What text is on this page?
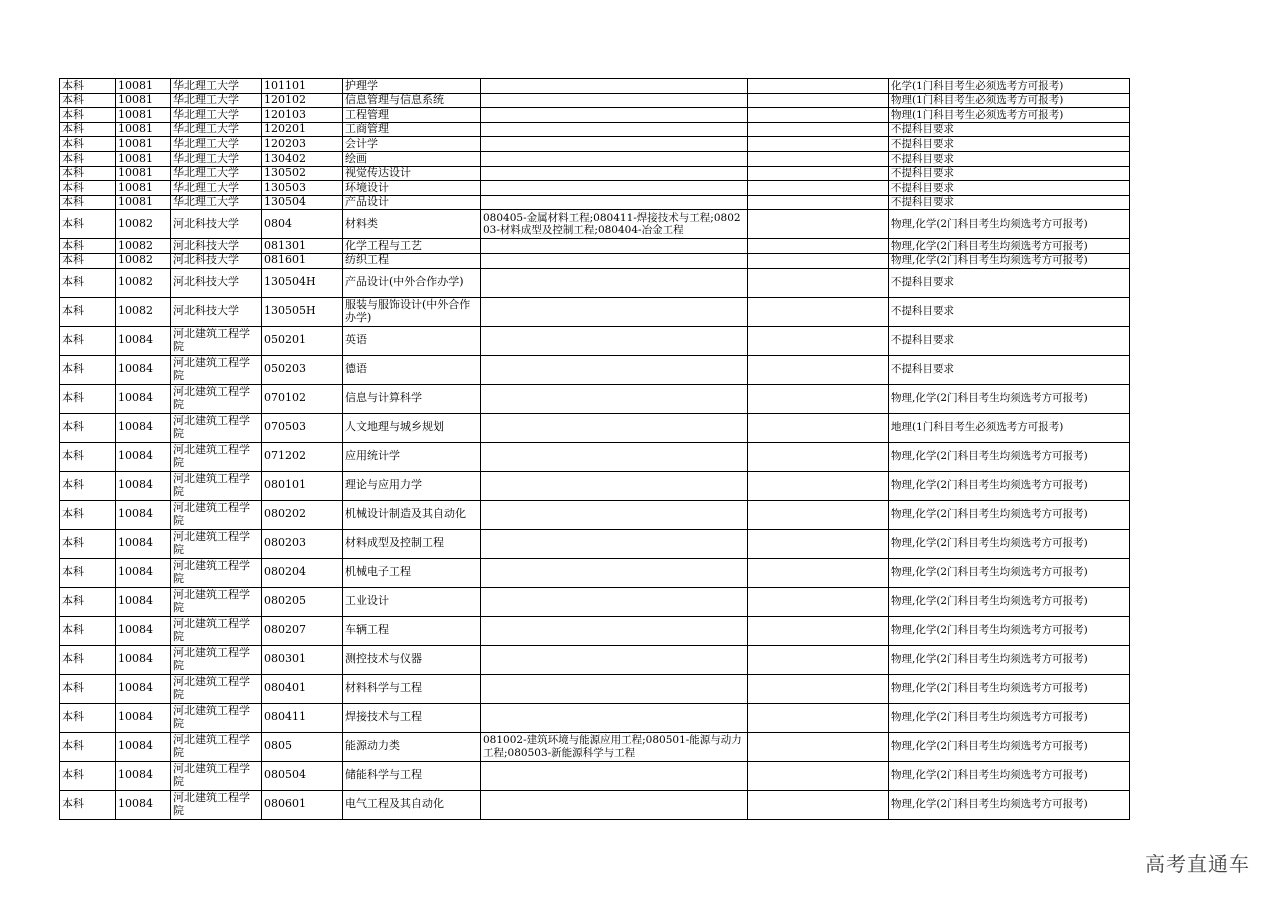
本科	10081	华北理工大学	101101	护理学			化学(1门科目考生必须选考方可报考)
本科	10081	华北理工大学	120102	信息管理与信息系统			物理(1门科目考生必须选考方可报考)
本科	10081	华北理工大学	120103	工程管理			物理(1门科目考生必须选考方可报考)
本科	10081	华北理工大学	120201	工商管理			不提科目要求
本科	10081	华北理工大学	120203	会计学			不提科目要求
本科	10081	华北理工大学	130402	绘画			不提科目要求
本科	10081	华北理工大学	130502	视觉传达设计			不提科目要求
本科	10081	华北理工大学	130503	环境设计			不提科目要求
本科	10081	华北理工大学	130504	产品设计			不提科目要求
本科	10082	河北科技大学	0804	材料类	080405-金属材料工程;080411-焊接技术与工程;080203-材料成型及控制工程;080404-冶金工程		物理,化学(2门科目考生均须选考方可报考)
本科	10082	河北科技大学	081301	化学工程与工艺			物理,化学(2门科目考生均须选考方可报考)
本科	10082	河北科技大学	081601	纺织工程			物理,化学(2门科目考生均须选考方可报考)
本科	10082	河北科技大学	130504H	产品设计(中外合作办学)			不提科目要求
本科	10082	河北科技大学	130505H	服装与服饰设计(中外合作办学)			不提科目要求
本科	10084	河北建筑工程学院	050201	英语			不提科目要求
本科	10084	河北建筑工程学院	050203	德语			不提科目要求
本科	10084	河北建筑工程学院	070102	信息与计算科学			物理,化学(2门科目考生均须选考方可报考)
本科	10084	河北建筑工程学院	070503	人文地理与城乡规划			地理(1门科目考生必须选考方可报考)
本科	10084	河北建筑工程学院	071202	应用统计学			物理,化学(2门科目考生均须选考方可报考)
本科	10084	河北建筑工程学院	080101	理论与应用力学			物理,化学(2门科目考生均须选考方可报考)
本科	10084	河北建筑工程学院	080202	机械设计制造及其自动化			物理,化学(2门科目考生均须选考方可报考)
本科	10084	河北建筑工程学院	080203	材料成型及控制工程			物理,化学(2门科目考生均须选考方可报考)
本科	10084	河北建筑工程学院	080204	机械电子工程			物理,化学(2门科目考生均须选考方可报考)
本科	10084	河北建筑工程学院	080205	工业设计			物理,化学(2门科目考生均须选考方可报考)
本科	10084	河北建筑工程学院	080207	车辆工程			物理,化学(2门科目考生均须选考方可报考)
本科	10084	河北建筑工程学院	080301	测控技术与仪器			物理,化学(2门科目考生均须选考方可报考)
本科	10084	河北建筑工程学院	080401	材料科学与工程			物理,化学(2门科目考生均须选考方可报考)
本科	10084	河北建筑工程学院	080411	焊接技术与工程			物理,化学(2门科目考生均须选考方可报考)
本科	10084	河北建筑工程学院	0805	能源动力类	081002-建筑环境与能源应用工程;080501-能源与动力工程;080503-新能源科学与工程		物理,化学(2门科目考生均须选考方可报考)
本科	10084	河北建筑工程学院	080504	储能科学与工程			物理,化学(2门科目考生均须选考方可报考)
本科	10084	河北建筑工程学院	080601	电气工程及其自动化			物理,化学(2门科目考生均须选考方可报考)
高考直通车
